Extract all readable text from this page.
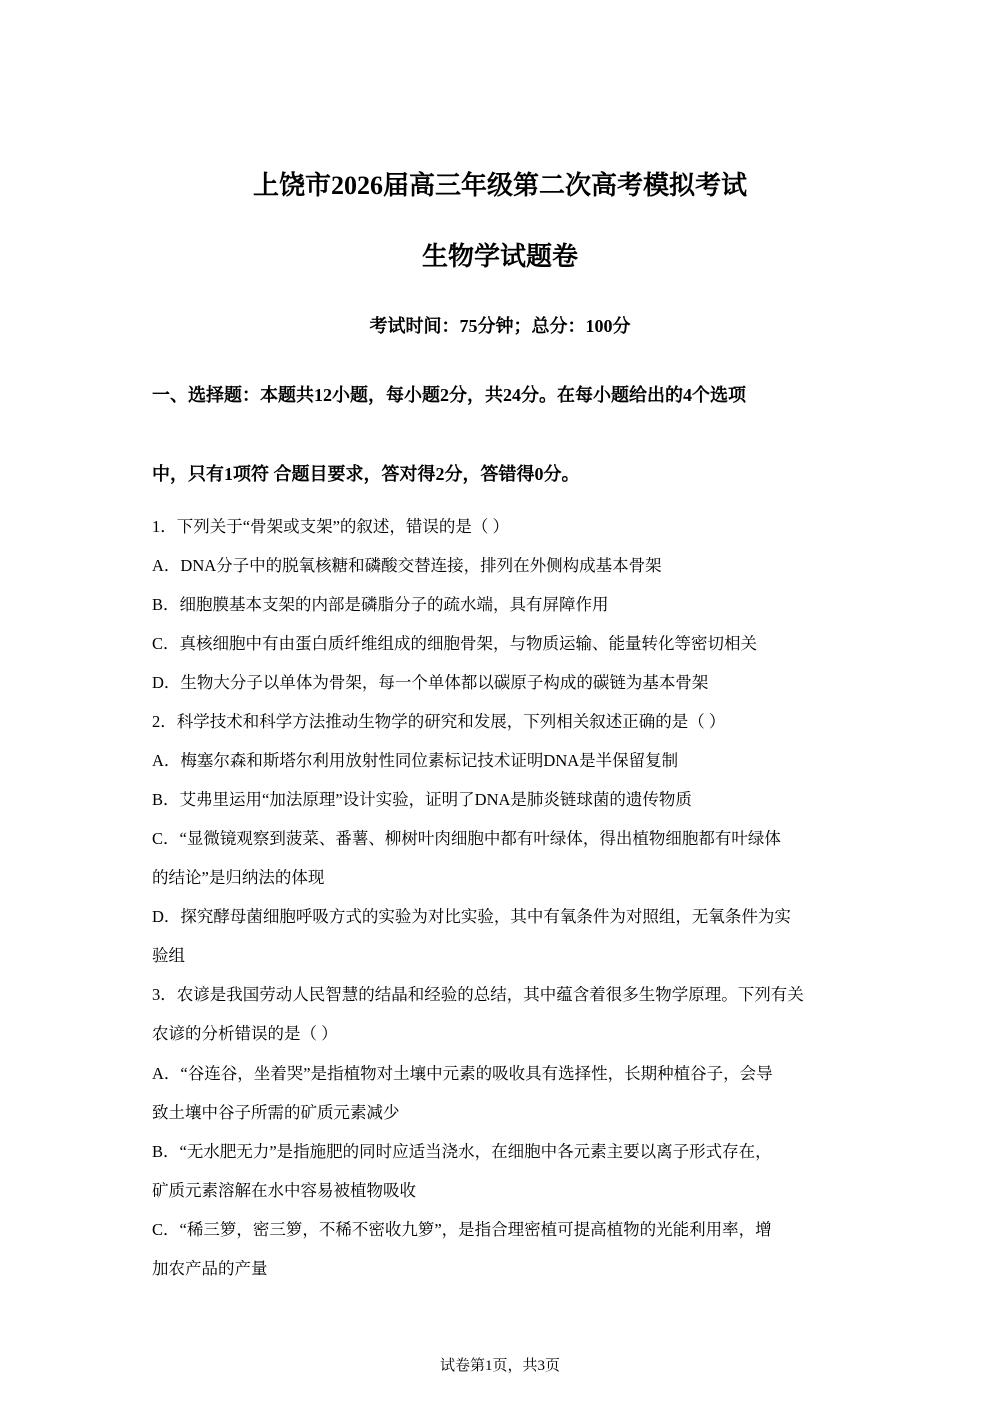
上饶市2026届高三年级第二次高考模拟考试
生物学试题卷
考试时间：75分钟；总分：100分
一、选择题：本题共12小题，每小题2分，共24分。在每小题给出的4个选项
中，只有1项符 合题目要求，答对得2分，答错得0分。
1．下列关于“骨架或支架”的叙述，错误的是（ ）
A．DNA分子中的脱氧核糖和磷酸交替连接，排列在外侧构成基本骨架
B．细胞膜基本支架的内部是磷脂分子的疏水端，具有屏障作用
C．真核细胞中有由蛋白质纤维组成的细胞骨架，与物质运输、能量转化等密切相关
D．生物大分子以单体为骨架，每一个单体都以碳原子构成的碳链为基本骨架
2．科学技术和科学方法推动生物学的研究和发展，下列相关叙述正确的是（ ）
A．梅塞尔森和斯塔尔利用放射性同位素标记技术证明DNA是半保留复制
B．艾弗里运用“加法原理”设计实验，证明了DNA是肺炎链球菌的遗传物质
C．“显微镜观察到菠菜、番薯、柳树叶肉细胞中都有叶绿体，得出植物细胞都有叶绿体
的结论”是归纳法的体现
D．探究酵母菌细胞呼吸方式的实验为对比实验，其中有氧条件为对照组，无氧条件为实
验组
3．农谚是我国劳动人民智慧的结晶和经验的总结，其中蕴含着很多生物学原理。下列有关
农谚的分析错误的是（ ）
A．“谷连谷，坐着哭”是指植物对土壤中元素的吸收具有选择性，长期种植谷子，会导
致土壤中谷子所需的矿质元素减少
B．“无水肥无力”是指施肥的同时应适当浇水，在细胞中各元素主要以离子形式存在，
矿质元素溶解在水中容易被植物吸收
C．“稀三箩，密三箩，不稀不密收九箩”，是指合理密植可提高植物的光能利用率，增
加农产品的产量
试卷第1页，共3页
